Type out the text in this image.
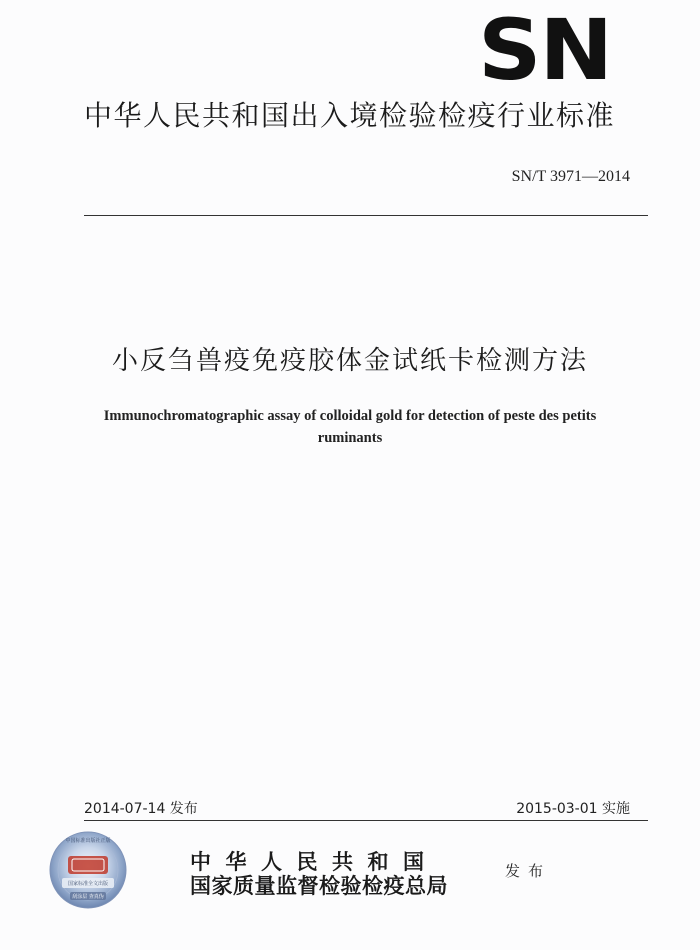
SN
中华人民共和国出入境检验检疫行业标准
SN/T 3971—2014
小反刍兽疫免疫胶体金试纸卡检测方法
Immunochromatographic assay of colloidal gold for detection of peste des petits ruminants
2014-07-14 发布	2015-03-01 实施
中国标准出版社正版
国家标准全文出版
刮涂层 查真伪
中华人民共和国
国家质量监督检验检疫总局
发布
